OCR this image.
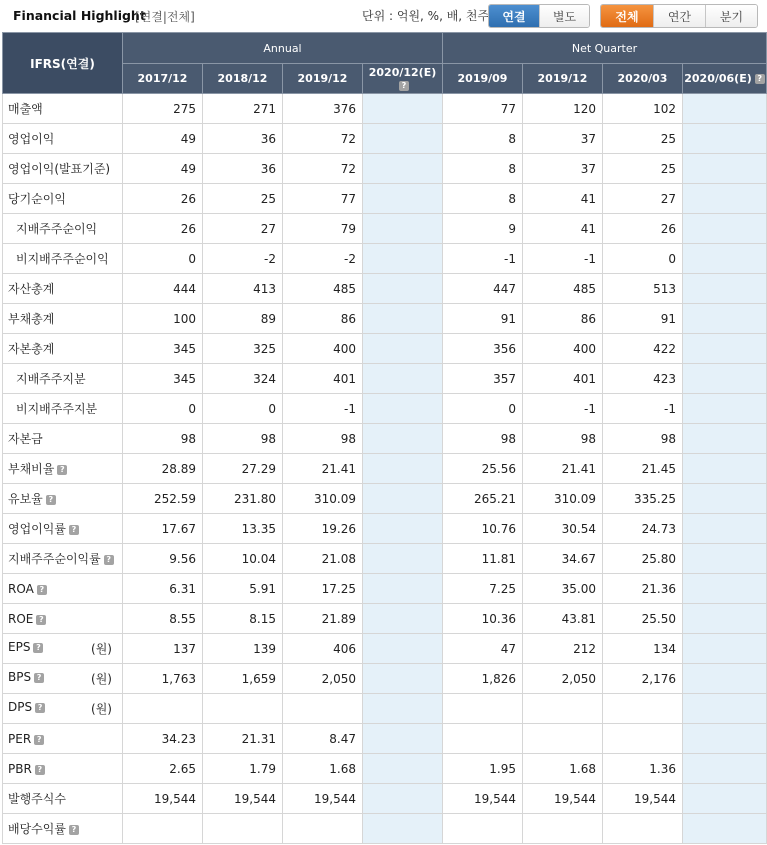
Financial Highlight
[연결|전체]	단위 : 억원, %, 배, 천주	연결	별도	전체	연간	분기
IFRS(연결)	Annual				Net Quarter			
	2017/12	2018/12	2019/12	2020/12(E)?	2019/09	2019/12	2020/03	2020/06(E) ?
매출액	275	271	376		77	120	102	
영업이익	49	36	72		8	37	25	
영업이익(발표기준)	49	36	72		8	37	25	
당기순이익	26	25	77		8	41	27	
지배주주순이익	26	27	79		9	41	26	
비지배주주순이익	0	-2	-2		-1	-1	0	
자산총계	444	413	485		447	485	513	
부채총계	100	89	86		91	86	91	
자본총계	345	325	400		356	400	422	
지배주주지분	345	324	401		357	401	423	
비지배주주지분	0	0	-1		0	-1	-1	
자본금	98	98	98		98	98	98	
부채비율 ?	28.89	27.29	21.41		25.56	21.41	21.45	
유보율 ?	252.59	231.80	310.09		265.21	310.09	335.25	
영업이익률 ?	17.67	13.35	19.26		10.76	30.54	24.73	
지배주주순이익률 ?	9.56	10.04	21.08		11.81	34.67	25.80	
ROA ?	6.31	5.91	17.25		7.25	35.00	21.36	
ROE ?	8.55	8.15	21.89		10.36	43.81	25.50	
EPS ? (원)	137	139	406		47	212	134	
BPS ? (원)	1,763	1,659	2,050		1,826	2,050	2,176	
DPS ? (원)								

PER ?	34.23	21.31	8.47					
PBR ?	2.65	1.79	1.68		1.95	1.68	1.36	
발행주식수	19,544	19,544	19,544		19,544	19,544	19,544	
배당수익률 ?								
